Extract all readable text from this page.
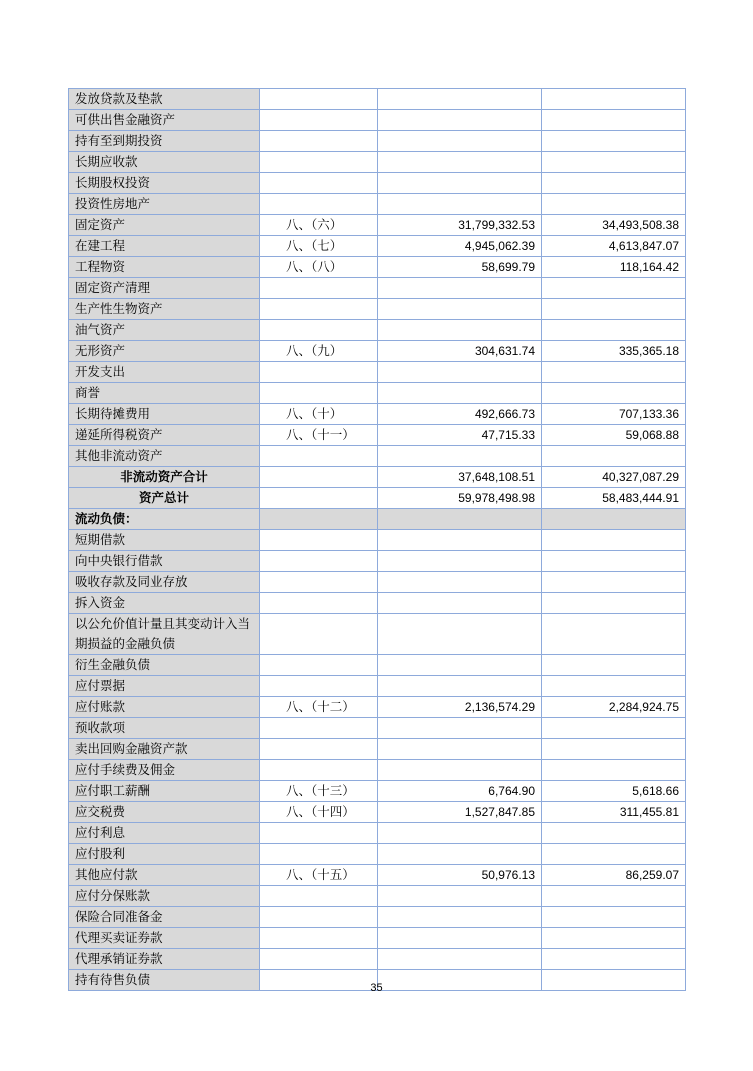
发放贷款及垫款			
可供出售金融资产			
持有至到期投资			
长期应收款			
长期股权投资			
投资性房地产			
固定资产	八、（六）	31,799,332.53	34,493,508.38
在建工程	八、（七）	4,945,062.39	4,613,847.07
工程物资	八、（八）	58,699.79	118,164.42
固定资产清理			
生产性生物资产			
油气资产			
无形资产	八、（九）	304,631.74	335,365.18
开发支出			
商誉			
长期待摊费用	八、（十）	492,666.73	707,133.36
递延所得税资产	八、（十一）	47,715.33	59,068.88
其他非流动资产			
非流动资产合计		37,648,108.51	40,327,087.29
资产总计		59,978,498.98	58,483,444.91
流动负债：			
短期借款			
向中央银行借款			
吸收存款及同业存放			
拆入资金			
以公允价值计量且其变动计入当期损益的金融负债			
衍生金融负债			
应付票据			
应付账款	八、（十二）	2,136,574.29	2,284,924.75
预收款项			
卖出回购金融资产款			
应付手续费及佣金			
应付职工薪酬	八、（十三）	6,764.90	5,618.66
应交税费	八、（十四）	1,527,847.85	311,455.81
应付利息			
应付股利			
其他应付款	八、（十五）	50,976.13	86,259.07
应付分保账款			
保险合同准备金			
代理买卖证券款			
代理承销证券款			
持有待售负债			
35
